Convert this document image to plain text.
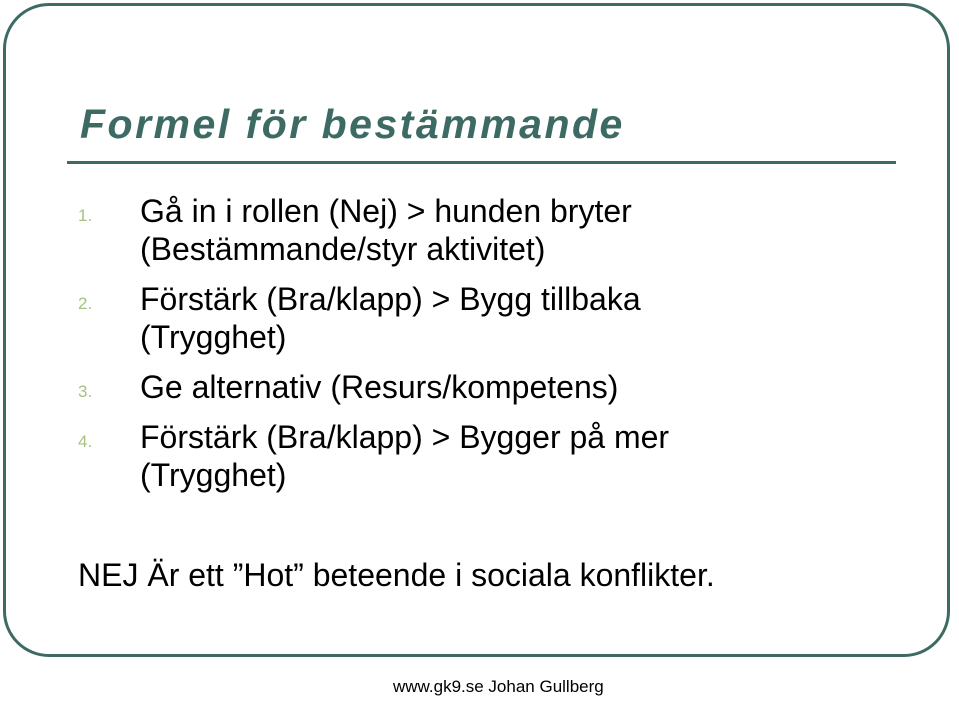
Formel för bestämmande
1. Gå in i rollen (Nej) > hunden bryter
(Bestämmande/styr aktivitet)
2. Förstärk (Bra/klapp) > Bygg tillbaka
(Trygghet)
3. Ge alternativ (Resurs/kompetens)
4. Förstärk (Bra/klapp) > Bygger på mer
(Trygghet)

NEJ Är ett ”Hot” beteende i sociala konflikter.

www.gk9.se Johan Gullberg
